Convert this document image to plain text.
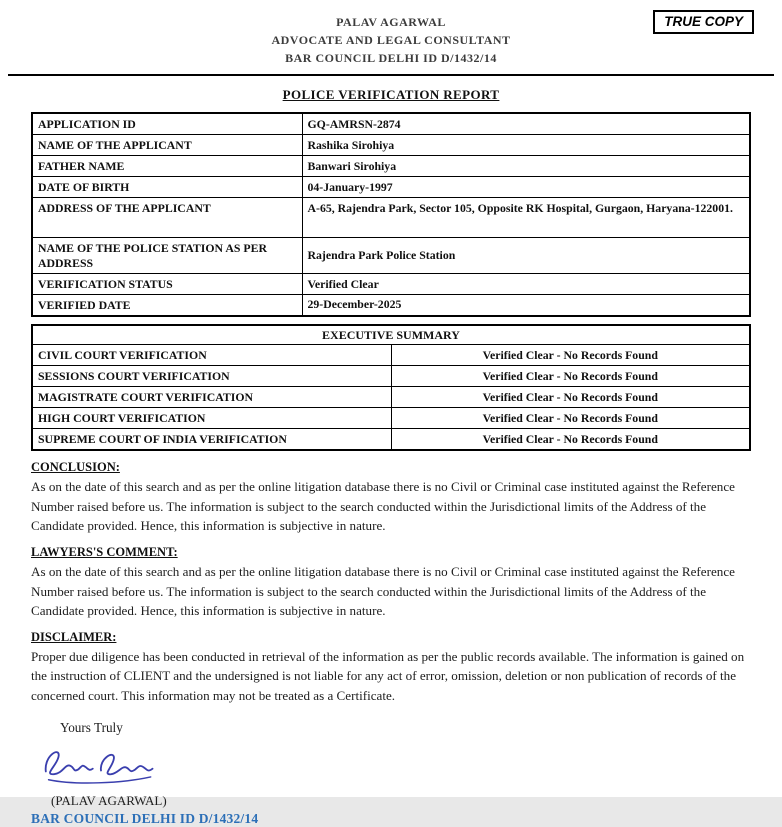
TRUE COPY
PALAV AGARWAL
ADVOCATE AND LEGAL CONSULTANT
BAR COUNCIL DELHI ID D/1432/14
POLICE VERIFICATION REPORT
APPLICATION ID	GQ-AMRSN-2874
NAME OF THE APPLICANT	Rashika Sirohiya
FATHER NAME	Banwari Sirohiya
DATE OF BIRTH	04-January-1997
ADDRESS OF THE APPLICANT	A-65, Rajendra Park, Sector 105, Opposite RK Hospital, Gurgaon, Haryana-122001.
NAME OF THE POLICE STATION AS PER ADDRESS	Rajendra Park Police Station
VERIFICATION STATUS	Verified Clear
VERIFIED DATE	29-December-2025
EXECUTIVE SUMMARY	
CIVIL COURT VERIFICATION	Verified Clear - No Records Found
SESSIONS COURT VERIFICATION	Verified Clear - No Records Found
MAGISTRATE COURT VERIFICATION	Verified Clear - No Records Found
HIGH COURT VERIFICATION	Verified Clear - No Records Found
SUPREME COURT OF INDIA VERIFICATION	Verified Clear - No Records Found
CONCLUSION:
As on the date of this search and as per the online litigation database there is no Civil or Criminal case instituted against the Reference Number raised before us. The information is subject to the search conducted within the Jurisdictional limits of the Address of the Candidate provided. Hence, this information is subjective in nature.
LAWYERS'S COMMENT:
As on the date of this search and as per the online litigation database there is no Civil or Criminal case instituted against the Reference Number raised before us. The information is subject to the search conducted within the Jurisdictional limits of the Address of the Candidate provided. Hence, this information is subjective in nature.
DISCLAIMER:
Proper due diligence has been conducted in retrieval of the information as per the public records available. The information is gained on the instruction of CLIENT and the undersigned is not liable for any act of error, omission, deletion or non publication of records of the concerned court. This information may not be treated as a Certificate.
Yours Truly
(PALAV AGARWAL)
BAR COUNCIL DELHI ID D/1432/14
